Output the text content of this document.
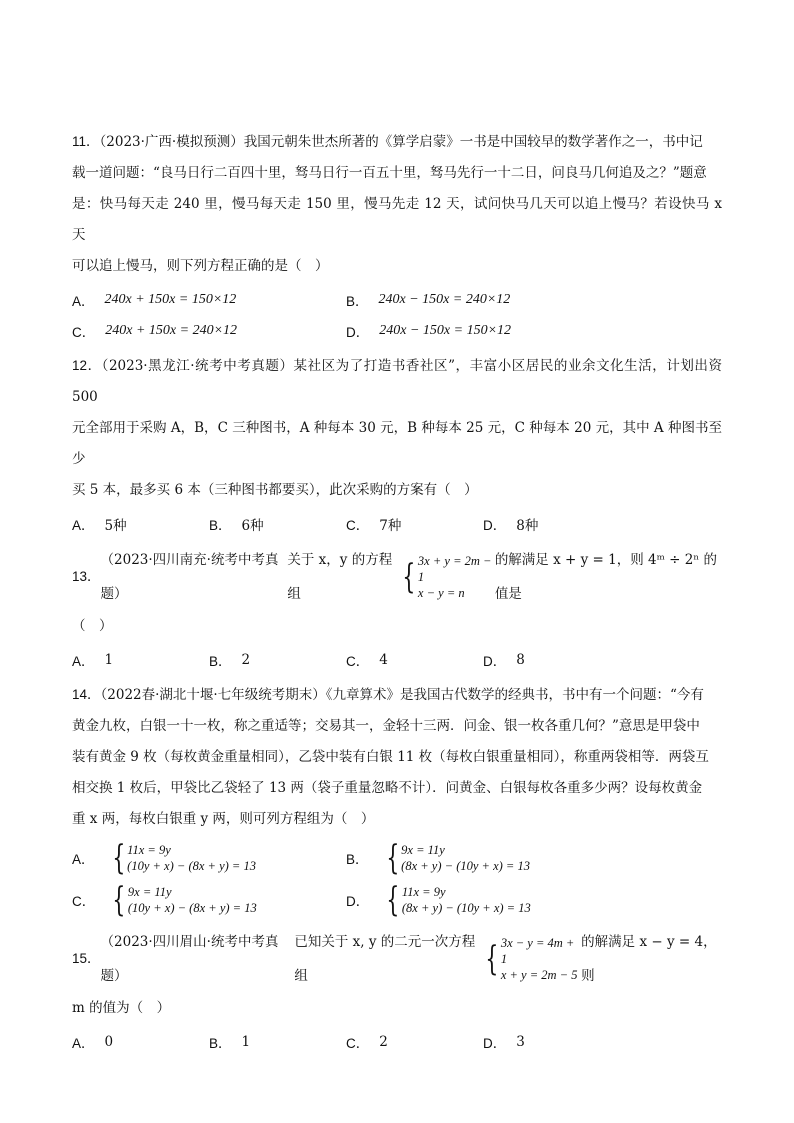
11．（2023·广西·模拟预测）我国元朝朱世杰所著的《算学启蒙》一书是中国较早的数学著作之一，书中记
载一道问题：“良马日行二百四十里，驽马日行一百五十里，驽马先行一十二日，问良马几何追及之？”题意
是：快马每天走 240 里，慢马每天走 150 里，慢马先走 12 天，试问快马几天可以追上慢马？若设快马 x 天
可以追上慢马，则下列方程正确的是（　）
A． 240x + 150x = 150×12	B． 240x − 150x = 240×12
C． 240x + 150x = 240×12	D． 240x − 150x = 150×12
12．（2023·黑龙江·统考中考真题）某社区为了打造书香社区”，丰富小区居民的业余文化生活，计划出资 500
元全部用于采购 A，B，C 三种图书，A 种每本 30 元，B 种每本 25 元，C 种每本 20 元，其中 A 种图书至少
买 5 本，最多买 6 本（三种图书都要买），此次采购的方案有（　）
A． 5种	B． 6种	C． 7种	D． 8种
13 ．
（2023·四川南充·统考中考真题）
关于 x，y 的方程组	{ 3x + y = 2m − 1
x − y = n
的解满足 x + y = 1，则 4ᵐ ÷ 2ⁿ 的值是
（　）
A． 1	B． 2	C． 4	D． 8
14．（2022春·湖北十堰·七年级统考期末）《九章算术》是我国古代数学的经典书，书中有一个问题：“今有
黄金九枚，白银一十一枚，称之重适等；交易其一，金轻十三两．问金、银一枚各重几何？”意思是甲袋中
装有黄金 9 枚（每枚黄金重量相同），乙袋中装有白银 11 枚（每枚白银重量相同），称重两袋相等．两袋互
相交换 1 枚后，甲袋比乙袋轻了 13 两（袋子重量忽略不计）．问黄金、白银每枚各重多少两？设每枚黄金
重 x 两，每枚白银重 y 两，则可列方程组为（　）
A． { 11x = 9y
(10y + x) − (8x + y) = 13	B． { 9x = 11y
(8x + y) − (10y + x) = 13
C． { 9x = 11y
(10y + x) − (8x + y) = 13	D． { 11x = 9y
(8x + y) − (10y + x) = 13
15 ．
（2023·四川眉山·统考中考真题）
已知关于 x, y 的二元一次方程组	{ 3x − y = 4m + 1
x + y = 2m − 5
的解满足 x − y = 4，则
m 的值为（　）
A． 0	B． 1	C． 2	D． 3
